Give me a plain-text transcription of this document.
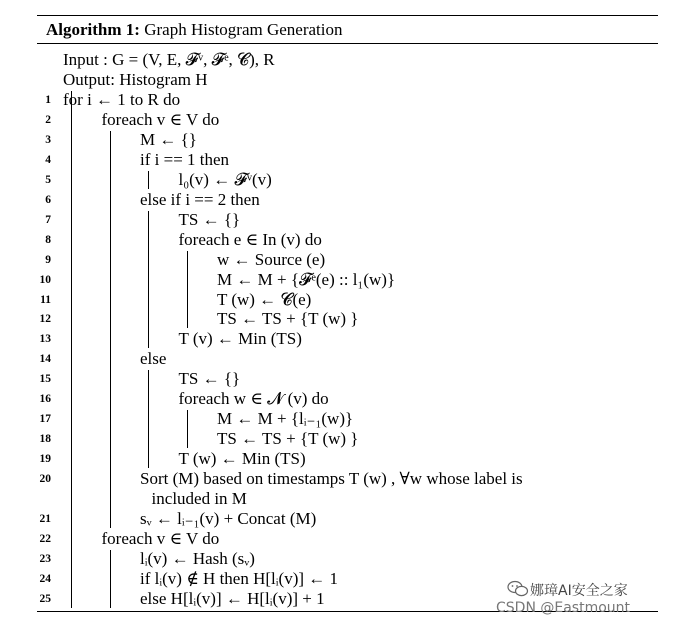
Algorithm 1: Graph Histogram Generation
Input : G = (V, E, 𝓕ᵛ, 𝓕ᵉ, 𝓒), R
Output: Histogram H
1 for i ← 1 to R do
2	foreach v ∈ V do
3	M ← {}
4	if i == 1 then
5	l₀(v) ← 𝓕ᵛ(v)
6	else if i == 2 then
7	TS ← {}
8	foreach e ∈ In (v) do
9	w ← Source (e)
10	M ← M + {𝓕ᵉ(e) :: l₁(w)}
11	T (w) ← 𝓒(e)
12	TS ← TS + {T (w) }
13	T (v) ← Min (TS)
14	else
15	TS ← {}
16	foreach w ∈ 𝓝 (v) do
17	M ← M + {lᵢ₋₁(w)}
18	TS ← TS + {T (w) }
19	T (w) ← Min (TS)
20	Sort (M) based on timestamps T (w) , ∀w whose label is
included in M
21	sᵥ ← lᵢ₋₁(v) + Concat (M)
22	foreach v ∈ V do
23	lᵢ(v) ← Hash (sᵥ)
24	if lᵢ(v) ∉ H then H[lᵢ(v)] ← 1
25	else H[lᵢ(v)] ← H[lᵢ(v)] + 1	娜璋AI安全之家
CSDN @Eastmount
